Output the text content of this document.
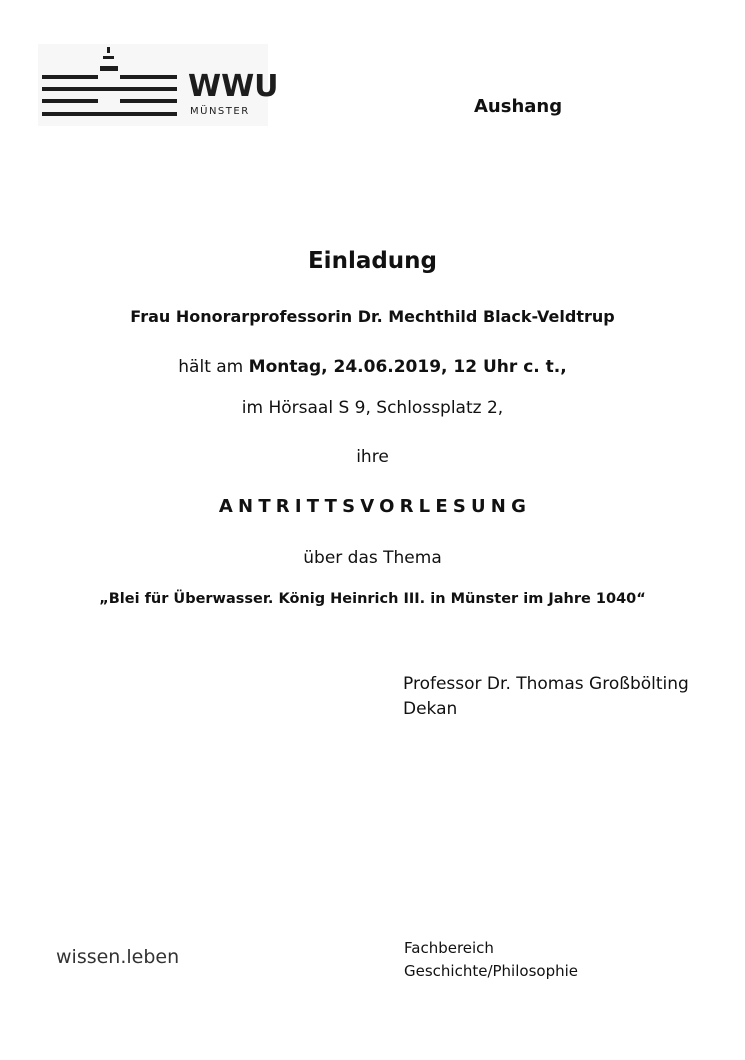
WWU
MÜNSTER	Aushang
Einladung
Frau Honorarprofessorin Dr. Mechthild Black-Veldtrup
hält am Montag, 24.06.2019, 12 Uhr c. t.,
im Hörsaal S 9, Schlossplatz 2,
ihre
ANTRITTSVORLESUNG
über das Thema
„Blei für Überwasser. König Heinrich III. in Münster im Jahre 1040“
Professor Dr. Thomas Großbölting
Dekan
wissen.leben	Fachbereich
Geschichte/Philosophie
